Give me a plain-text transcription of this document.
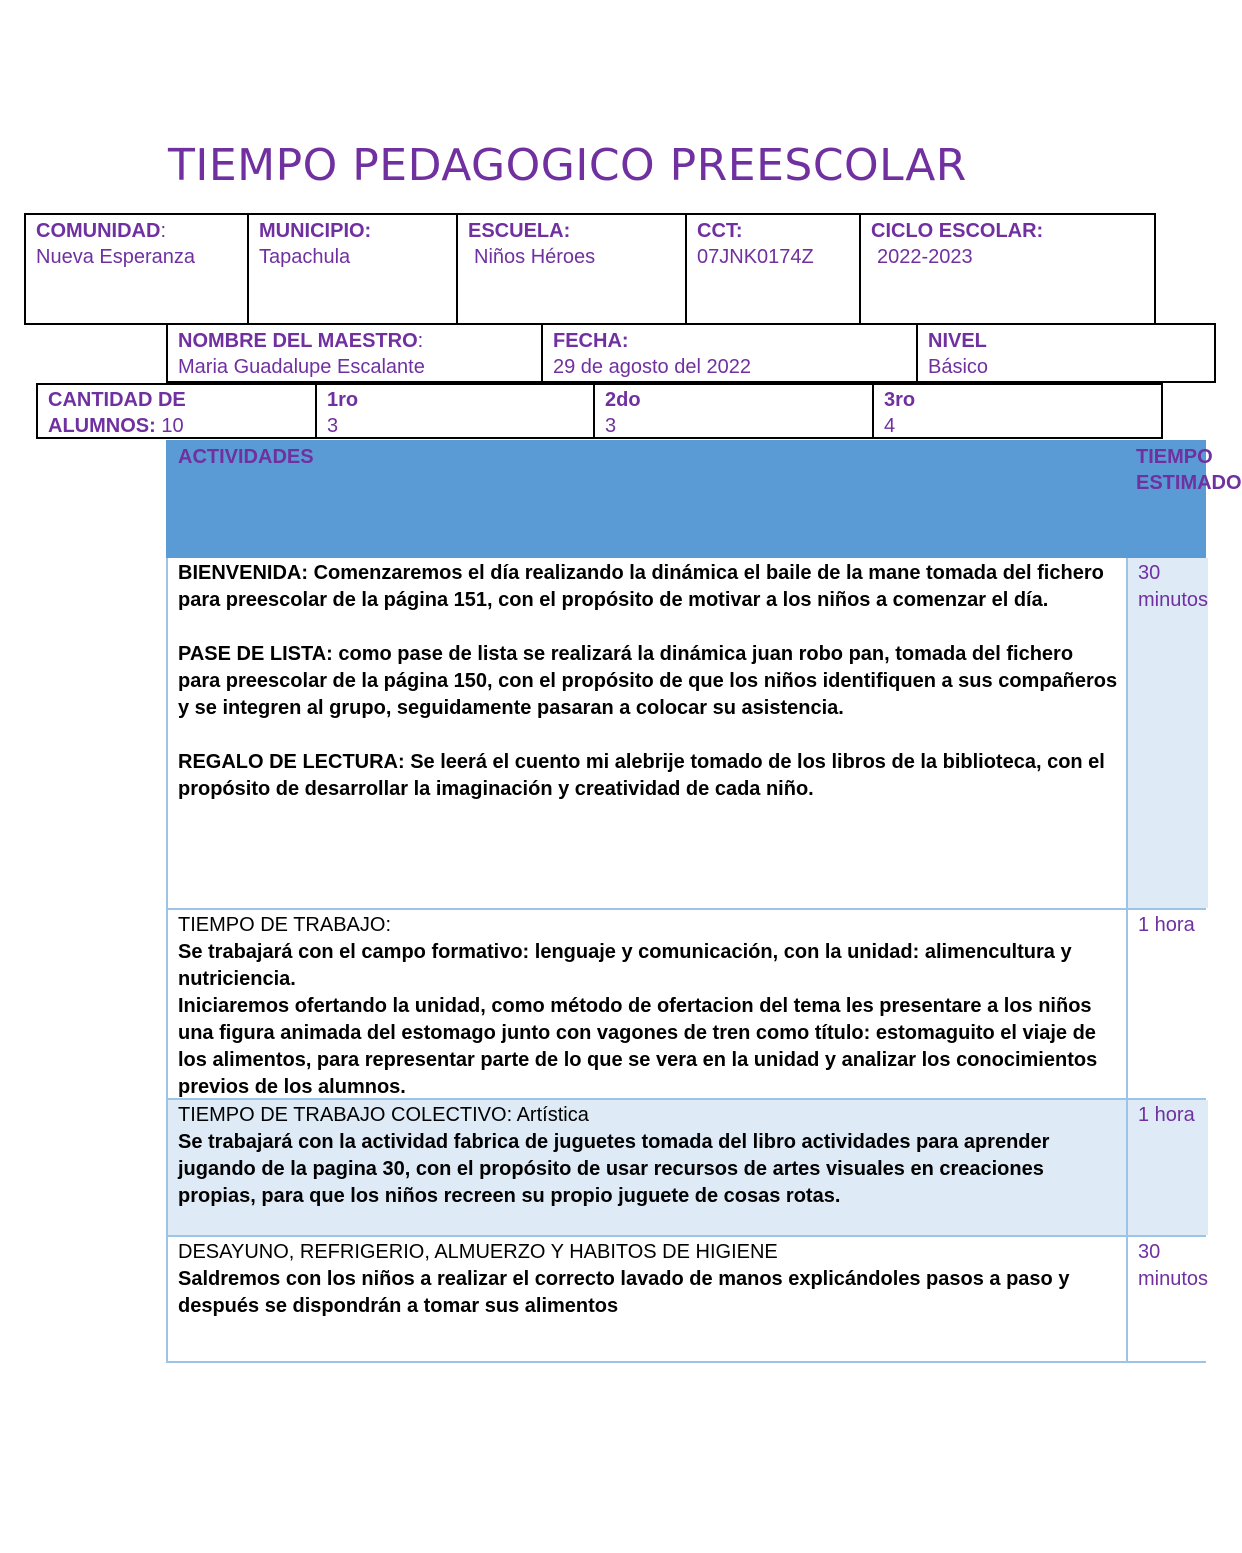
TIEMPO PEDAGOGICO PREESCOLAR
COMUNIDAD:
Nueva Esperanza
MUNICIPIO:
Tapachula
ESCUELA:
Niños Héroes
CCT:
07JNK0174Z
CICLO ESCOLAR:
2022-2023
NOMBRE DEL MAESTRO:
Maria Guadalupe Escalante
FECHA:
29 de agosto del 2022
NIVEL
Básico
CANTIDAD DE
ALUMNOS: 10
1ro
3
2do
3
3ro
4
ACTIVIDADES	TIEMPO
ESTIMADO
BIENVENIDA: Comenzaremos el día realizando la dinámica el baile de la mane tomada del fichero para preescolar de la página 151, con el propósito de motivar a los niños a comenzar el día.
PASE DE LISTA: como pase de lista se realizará la dinámica juan robo pan, tomada del fichero para preescolar de la página 150, con el propósito de que los niños identifiquen a sus compañeros y se integren al grupo, seguidamente pasaran a colocar su asistencia.
REGALO DE LECTURA: Se leerá el cuento mi alebrije tomado de los libros de la biblioteca, con el propósito de desarrollar la imaginación y creatividad de cada niño.
30 minutos
TIEMPO DE TRABAJO:
Se trabajará con el campo formativo: lenguaje y comunicación, con la unidad: alimencultura y nutriciencia.
Iniciaremos ofertando la unidad, como método de ofertacion del tema les presentare a los niños una figura animada del estomago junto con vagones de tren como título: estomaguito el viaje de los alimentos, para representar parte de lo que se vera en la unidad y analizar los conocimientos previos de los alumnos.
1 hora
TIEMPO DE TRABAJO COLECTIVO: Artística
Se trabajará con la actividad fabrica de juguetes tomada del libro actividades para aprender jugando de la pagina 30, con el propósito de usar recursos de artes visuales en creaciones propias, para que los niños recreen su propio juguete de cosas rotas.
1 hora
DESAYUNO, REFRIGERIO, ALMUERZO Y HABITOS DE HIGIENE
Saldremos con los niños a realizar el correcto lavado de manos explicándoles pasos a paso y después se dispondrán a tomar sus alimentos
30 minutos
